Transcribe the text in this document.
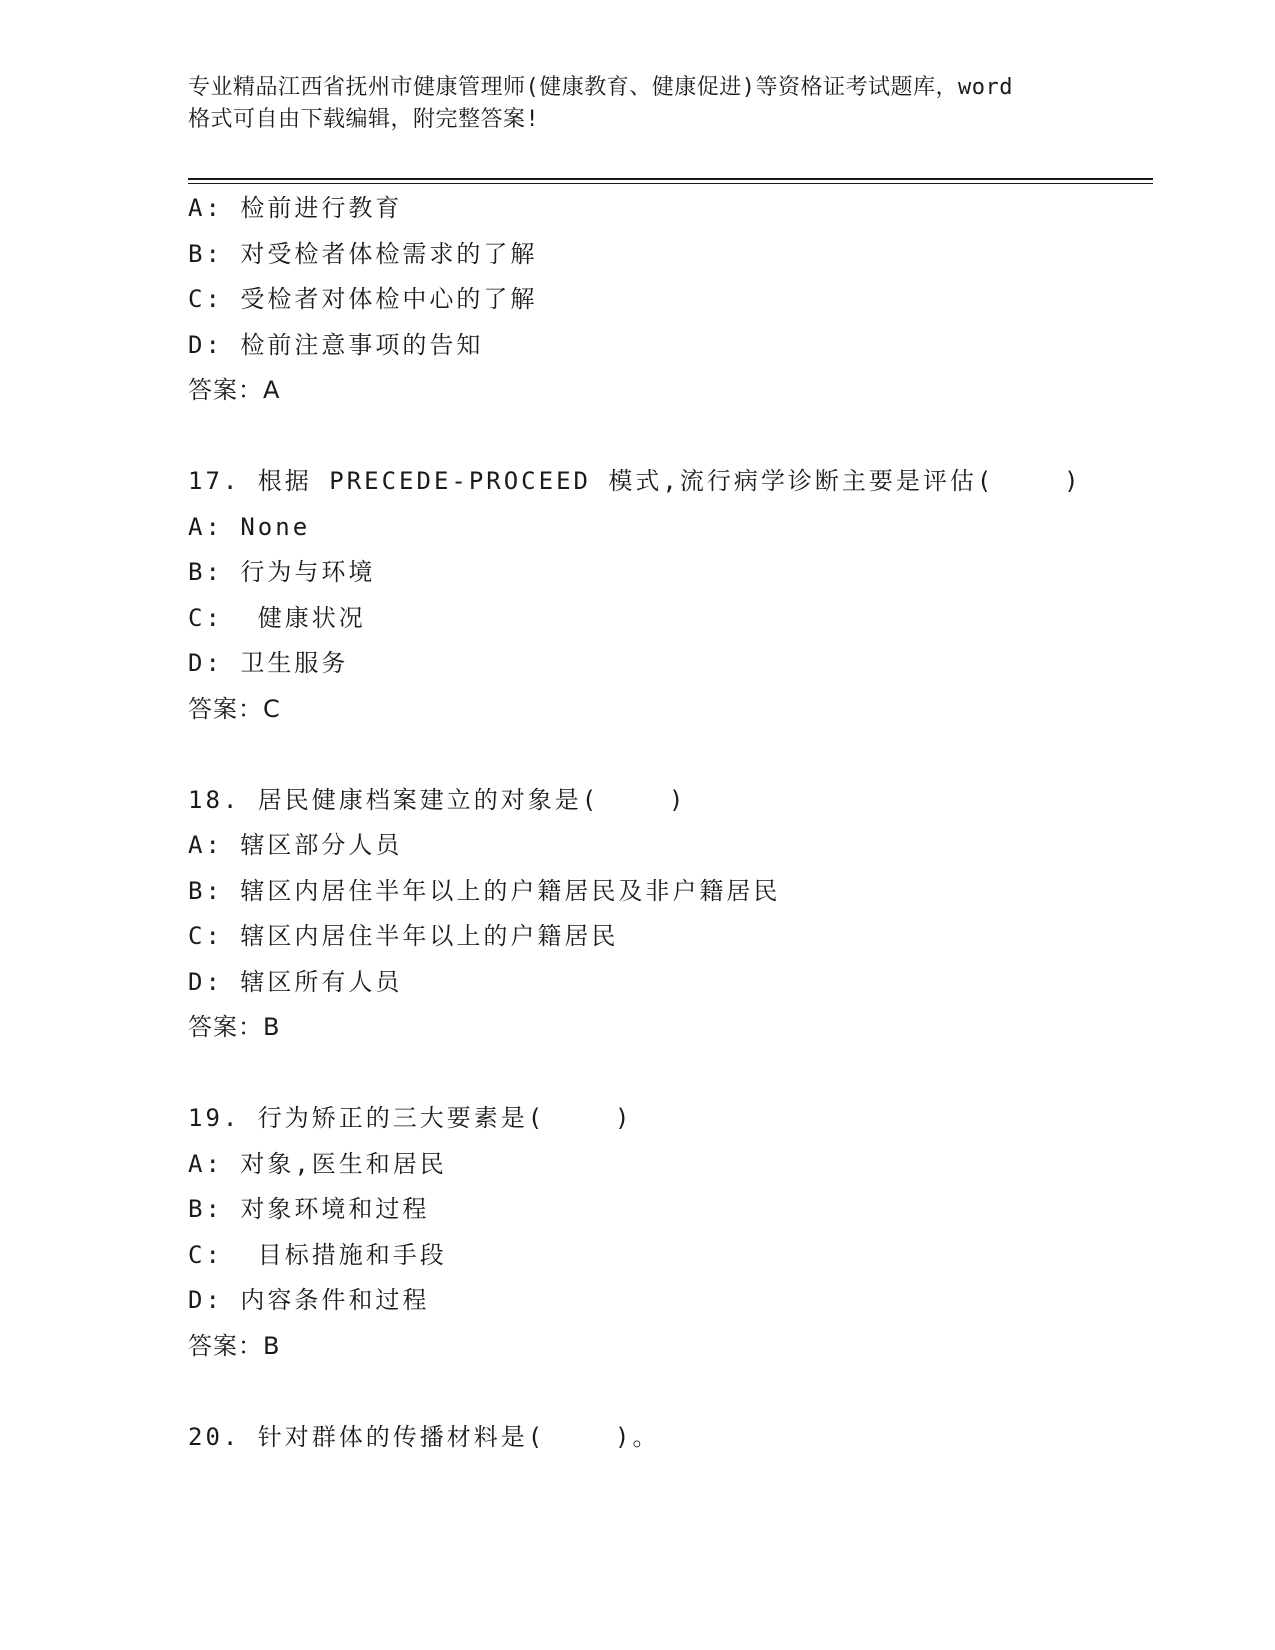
专业精品江西省抚州市健康管理师(健康教育、健康促进)等资格证考试题库，word
格式可自由下载编辑，附完整答案!
A: 检前进行教育
B: 对受检者体检需求的了解
C: 受检者对体检中心的了解
D: 检前注意事项的告知
答案：A
17. 根据 PRECEDE-PROCEED 模式,流行病学诊断主要是评估(    )
A: None
B: 行为与环境
C:  健康状况
D: 卫生服务
答案：C
18. 居民健康档案建立的对象是(    )
A: 辖区部分人员
B: 辖区内居住半年以上的户籍居民及非户籍居民
C: 辖区内居住半年以上的户籍居民
D: 辖区所有人员
答案：B
19. 行为矫正的三大要素是(    )
A: 对象,医生和居民
B: 对象环境和过程
C:  目标措施和手段
D: 内容条件和过程
答案：B
20. 针对群体的传播材料是(    )。
